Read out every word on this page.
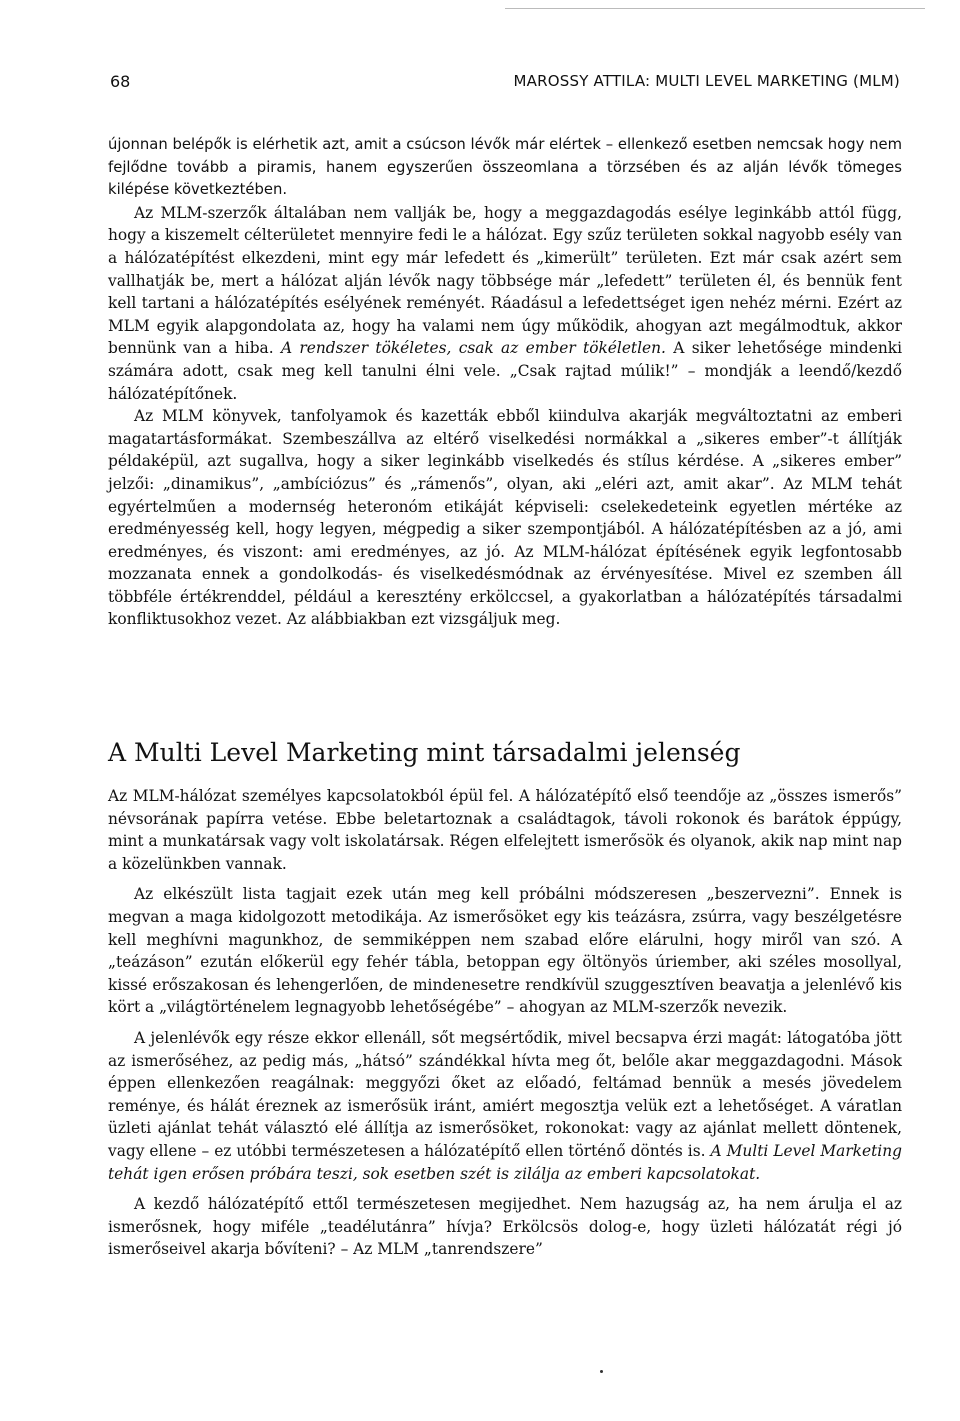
68	MAROSSY ATTILA: MULTI LEVEL MARKETING (MLM)

újonnan belépők is elérhetik azt, amit a csúcson lévők már elértek – ellenkező esetben nemcsak hogy nem fejlődne tovább a piramis, hanem egyszerűen összeomlana a törzsében és az alján lévők tömeges kilépése következtében.

Az MLM-szerzők általában nem vallják be, hogy a meggazdagodás esélye leginkább attól függ, hogy a kiszemelt célterületet mennyire fedi le a hálózat. Egy szűz területen sokkal nagyobb esély van a hálózatépítést elkezdeni, mint egy már lefedett és „kimerült” területen. Ezt már csak azért sem vallhatják be, mert a hálózat alján lévők nagy többsége már „lefedett” területen él, és bennük fent kell tartani a hálózatépítés esélyének reményét. Ráadásul a lefedettséget igen nehéz mérni. Ezért az MLM egyik alapgondolata az, hogy ha valami nem úgy működik, ahogyan azt megálmodtuk, akkor bennünk van a hiba. A rendszer tökéletes, csak az ember tökéletlen. A siker lehetősége mindenki számára adott, csak meg kell tanulni élni vele. „Csak rajtad múlik!” – mondják a leendő/kezdő hálózatépítőnek.

Az MLM könyvek, tanfolyamok és kazetták ebből kiindulva akarják megváltoztatni az emberi magatartásformákat. Szembeszállva az eltérő viselkedési normákkal a „sikeres ember”-t állítják példaképül, azt sugallva, hogy a siker leginkább viselkedés és stílus kérdése. A „sikeres ember” jelzői: „dinamikus”, „ambíciózus” és „rámenős”, olyan, aki „eléri azt, amit akar”. Az MLM tehát egyértelműen a modernség heteronóm etikáját képviseli: cselekedeteink egyetlen mértéke az eredményesség kell, hogy legyen, mégpedig a siker szempontjából. A hálózatépítésben az a jó, ami eredményes, és viszont: ami eredményes, az jó. Az MLM-hálózat építésének egyik legfontosabb mozzanata ennek a gondolkodás- és viselkedésmódnak az érvényesítése. Mivel ez szemben áll többféle értékrenddel, például a keresztény erkölccsel, a gyakorlatban a hálózatépítés társadalmi konfliktusokhoz vezet. Az alábbiakban ezt vizsgáljuk meg.

A Multi Level Marketing mint társadalmi jelenség

Az MLM-hálózat személyes kapcsolatokból épül fel. A hálózatépítő első teendője az „összes ismerős” névsorának papírra vetése. Ebbe beletartoznak a családtagok, távoli rokonok és barátok éppúgy, mint a munkatársak vagy volt iskolatársak. Régen elfelejtett ismerősök és olyanok, akik nap mint nap a közelünkben vannak.

Az elkészült lista tagjait ezek után meg kell próbálni módszeresen „beszervezni”. Ennek is megvan a maga kidolgozott metodikája. Az ismerősöket egy kis teázásra, zsúrra, vagy beszélgetésre kell meghívni magunkhoz, de semmiképpen nem szabad előre elárulni, hogy miről van szó. A „teázáson” ezután előkerül egy fehér tábla, betoppan egy öltönyös úriember, aki széles mosollyal, kissé erőszakosan és lehengerlően, de mindenesetre rendkívül szuggesztíven beavatja a jelenlévő kis kört a „világtörténelem legnagyobb lehetőségébe” – ahogyan az MLM-szerzők nevezik.

A jelenlévők egy része ekkor ellenáll, sőt megsértődik, mivel becsapva érzi magát: látogatóba jött az ismerőséhez, az pedig más, „hátsó” szándékkal hívta meg őt, belőle akar meggazdagodni. Mások éppen ellenkezően reagálnak: meggyőzi őket az előadó, feltámad bennük a mesés jövedelem reménye, és hálát éreznek az ismerősük iránt, amiért megosztja velük ezt a lehetőséget. A váratlan üzleti ajánlat tehát választó elé állítja az ismerősöket, rokonokat: vagy az ajánlat mellett döntenek, vagy ellene – ez utóbbi természetesen a hálózatépítő ellen történő döntés is. A Multi Level Marketing tehát igen erősen próbára teszi, sok esetben szét is zilálja az emberi kapcsolatokat.

A kezdő hálózatépítő ettől természetesen megijedhet. Nem hazugság az, ha nem árulja el az ismerősnek, hogy miféle „teadélutánra” hívja? Erkölcsös dolog-e, hogy üzleti hálózatát régi jó ismerőseivel akarja bővíteni? – Az MLM „tanrendszere”
